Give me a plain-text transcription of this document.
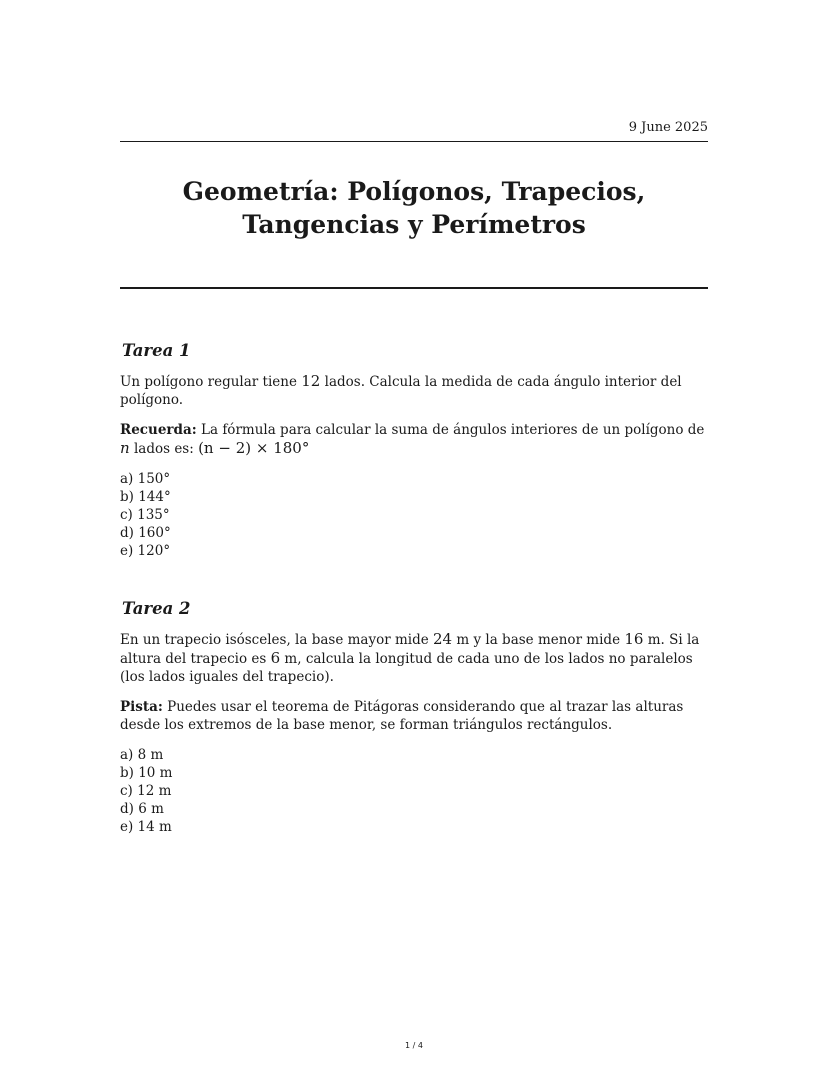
9 June 2025
Geometría: Polígonos, Trapecios, Tangencias y Perímetros
Tarea 1

Un polígono regular tiene 12 lados. Calcula la medida de cada ángulo interior del polígono.

Recuerda: La fórmula para calcular la suma de ángulos interiores de un polígono de n lados es: (n − 2) × 180°

a) 150°
b) 144°
c) 135°
d) 160°
e) 120°
Tarea 2

En un trapecio isósceles, la base mayor mide 24 m y la base menor mide 16 m. Si la altura del trapecio es 6 m, calcula la longitud de cada uno de los lados no paralelos (los lados iguales del trapecio).

Pista: Puedes usar el teorema de Pitágoras considerando que al trazar las alturas desde los extremos de la base menor, se forman triángulos rectángulos.

a) 8 m
b) 10 m
c) 12 m
d) 6 m
e) 14 m
1 / 4
